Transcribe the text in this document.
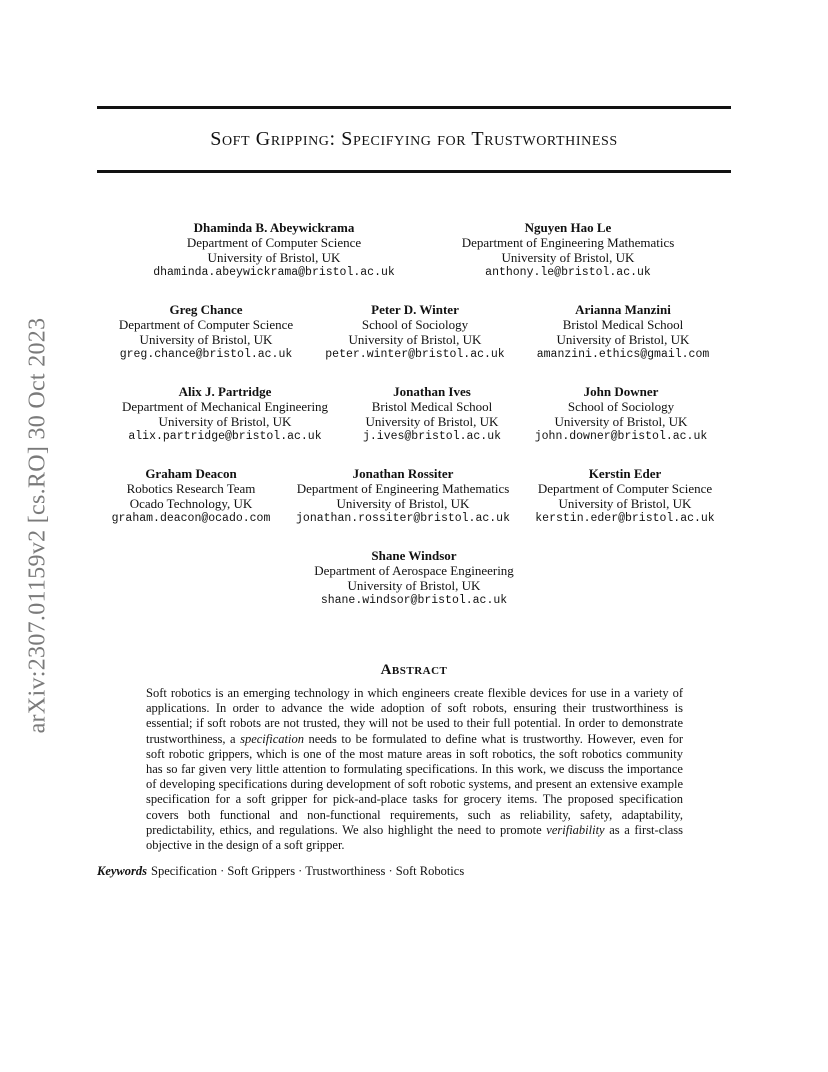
Soft Gripping: Specifying for Trustworthiness
arXiv:2307.01159v2 [cs.RO] 30 Oct 2023
Dhaminda B. Abeywickrama
Department of Computer Science
University of Bristol, UK
dhaminda.abeywickrama@bristol.ac.uk
Nguyen Hao Le
Department of Engineering Mathematics
University of Bristol, UK
anthony.le@bristol.ac.uk
Greg Chance
Department of Computer Science
University of Bristol, UK
greg.chance@bristol.ac.uk
Peter D. Winter
School of Sociology
University of Bristol, UK
peter.winter@bristol.ac.uk
Arianna Manzini
Bristol Medical School
University of Bristol, UK
amanzini.ethics@gmail.com
Alix J. Partridge
Department of Mechanical Engineering
University of Bristol, UK
alix.partridge@bristol.ac.uk
Jonathan Ives
Bristol Medical School
University of Bristol, UK
j.ives@bristol.ac.uk
John Downer
School of Sociology
University of Bristol, UK
john.downer@bristol.ac.uk
Graham Deacon
Robotics Research Team
Ocado Technology, UK
graham.deacon@ocado.com
Jonathan Rossiter
Department of Engineering Mathematics
University of Bristol, UK
jonathan.rossiter@bristol.ac.uk
Kerstin Eder
Department of Computer Science
University of Bristol, UK
kerstin.eder@bristol.ac.uk
Shane Windsor
Department of Aerospace Engineering
University of Bristol, UK
shane.windsor@bristol.ac.uk
Abstract

Soft robotics is an emerging technology in which engineers create flexible devices for use in a variety of applications. In order to advance the wide adoption of soft robots, ensuring their trustworthiness is essential; if soft robots are not trusted, they will not be used to their full potential. In order to demonstrate trustworthiness, a specification needs to be formulated to define what is trustworthy. However, even for soft robotic grippers, which is one of the most mature areas in soft robotics, the soft robotics community has so far given very little attention to formulating specifications. In this work, we discuss the importance of developing specifications during development of soft robotic systems, and present an extensive example specification for a soft gripper for pick-and-place tasks for grocery items. The proposed specification covers both functional and non-functional requirements, such as reliability, safety, adaptability, predictability, ethics, and regulations. We also highlight the need to promote verifiability as a first-class objective in the design of a soft gripper.

Keywords Specification · Soft Grippers · Trustworthiness · Soft Robotics
